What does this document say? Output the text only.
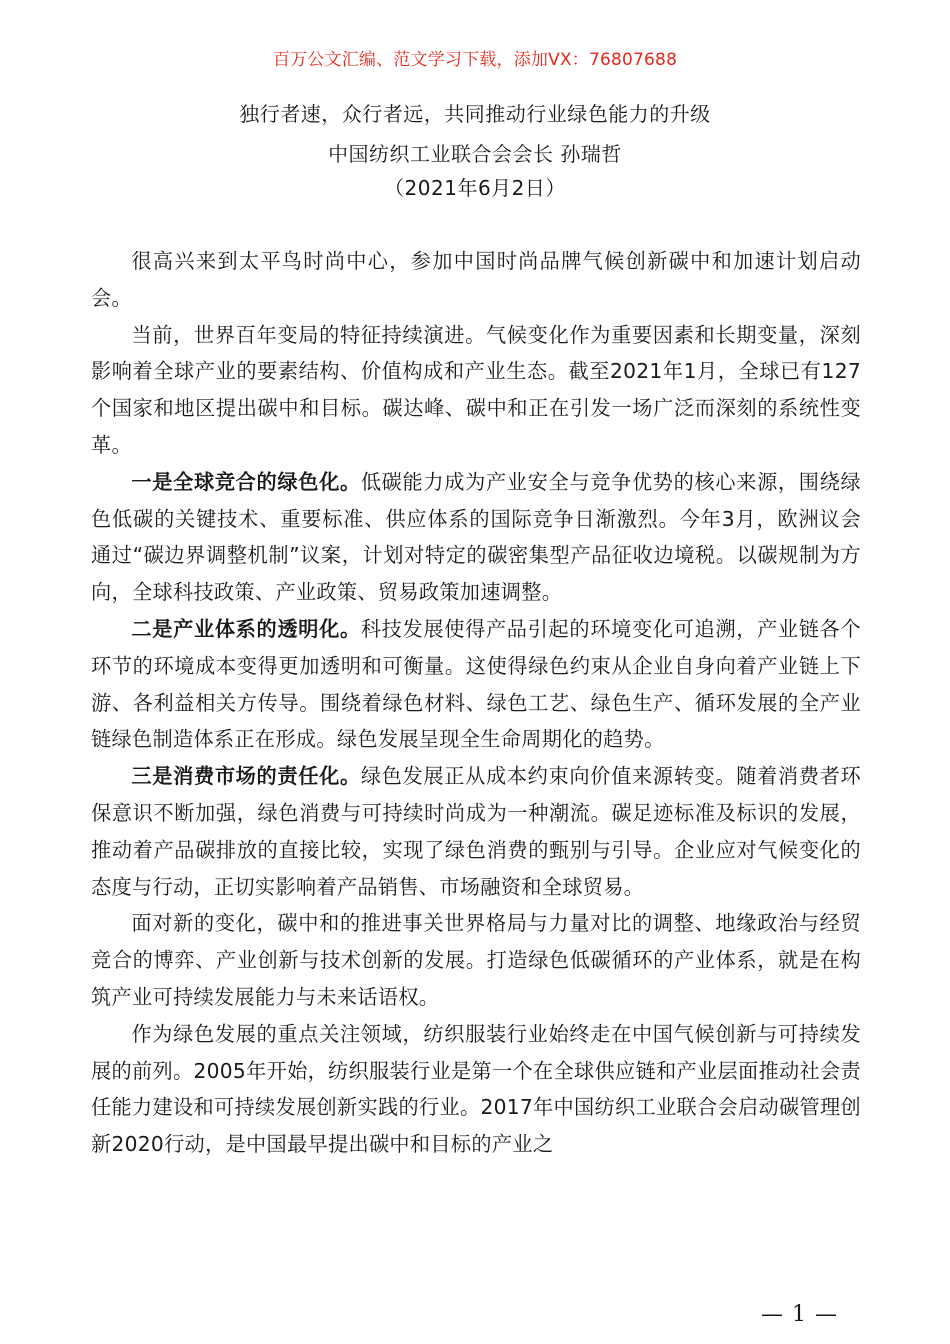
百万公文汇编、范文学习下载，添加VX：76807688
独行者速，众行者远，共同推动行业绿色能力的升级
中国纺织工业联合会会长 孙瑞哲
（2021年6月2日）

很高兴来到太平鸟时尚中心，参加中国时尚品牌气候创新碳中和加速计划启动会。

当前，世界百年变局的特征持续演进。气候变化作为重要因素和长期变量，深刻影响着全球产业的要素结构、价值构成和产业生态。截至2021年1月，全球已有127个国家和地区提出碳中和目标。碳达峰、碳中和正在引发一场广泛而深刻的系统性变革。

一是全球竞合的绿色化。低碳能力成为产业安全与竞争优势的核心来源，围绕绿色低碳的关键技术、重要标准、供应体系的国际竞争日渐激烈。今年3月，欧洲议会通过“碳边界调整机制”议案，计划对特定的碳密集型产品征收边境税。以碳规制为方向，全球科技政策、产业政策、贸易政策加速调整。

二是产业体系的透明化。科技发展使得产品引起的环境变化可追溯，产业链各个环节的环境成本变得更加透明和可衡量。这使得绿色约束从企业自身向着产业链上下游、各利益相关方传导。围绕着绿色材料、绿色工艺、绿色生产、循环发展的全产业链绿色制造体系正在形成。绿色发展呈现全生命周期化的趋势。

三是消费市场的责任化。绿色发展正从成本约束向价值来源转变。随着消费者环保意识不断加强，绿色消费与可持续时尚成为一种潮流。碳足迹标准及标识的发展，推动着产品碳排放的直接比较，实现了绿色消费的甄别与引导。企业应对气候变化的态度与行动，正切实影响着产品销售、市场融资和全球贸易。

面对新的变化，碳中和的推进事关世界格局与力量对比的调整、地缘政治与经贸竞合的博弈、产业创新与技术创新的发展。打造绿色低碳循环的产业体系，就是在构筑产业可持续发展能力与未来话语权。

作为绿色发展的重点关注领域，纺织服装行业始终走在中国气候创新与可持续发展的前列。2005年开始，纺织服装行业是第一个在全球供应链和产业层面推动社会责任能力建设和可持续发展创新实践的行业。2017年中国纺织工业联合会启动碳管理创新2020行动，是中国最早提出碳中和目标的产业之

— 1 —
